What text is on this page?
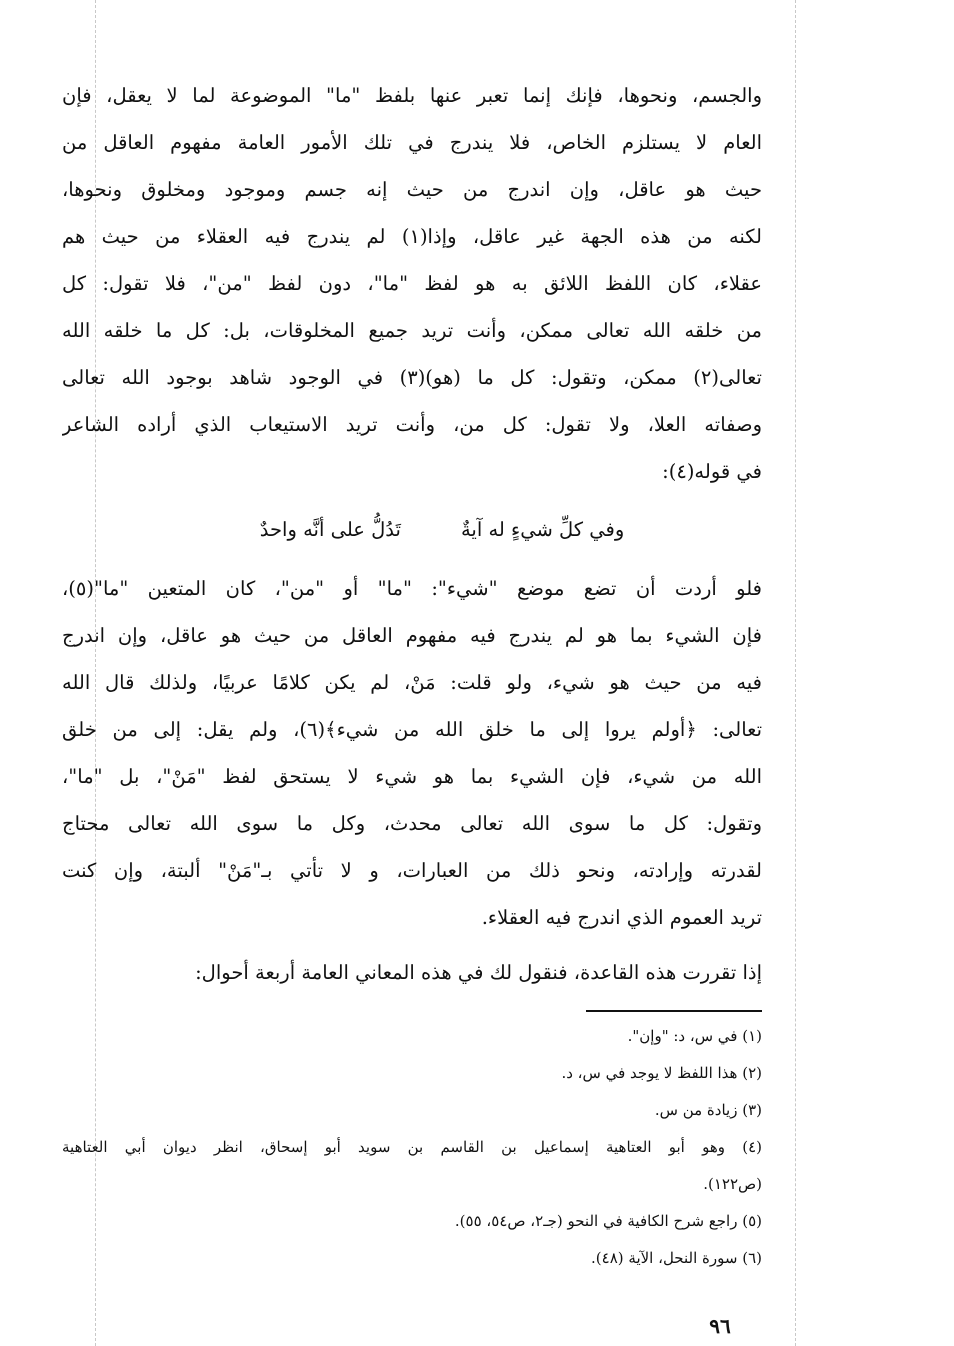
والجسم، ونحوها، فإنك إنما تعبر عنها بلفظ "ما" الموضوعة لما لا يعقل، فإن
العام لا يستلزم الخاص، فلا يندرج في تلك الأمور العامة مفهوم العاقل من
حيث هو عاقل، وإن اندرج من حيث إنه جسم وموجود ومخلوق ونحوها،
لكنه من هذه الجهة غير عاقل، وإذا(١) لم يندرج فيه العقلاء من حيث هم
عقلاء، كان اللفظ اللائق به هو لفظ "ما"، دون لفظ "من"، فلا تقول: كل
من خلقه الله تعالى ممكن، وأنت تريد جميع المخلوقات، بل: كل ما خلقه الله
تعالى(٢) ممكن، وتقول: كل ما (هو)(٣) في الوجود شاهد بوجود الله تعالى
وصفاته العلا، ولا تقول: كل من، وأنت تريد الاستيعاب الذي أراده الشاعر
في قوله(٤):
وفي كلِّ شيءٍ له آيةٌ
تَدُلُّ على أنَّه واحدٌ
فلو أردت أن تضع موضع "شيء": "ما" أو "من"، كان المتعين "ما"(٥)،
فإن الشيء بما هو لم يندرج فيه مفهوم العاقل من حيث هو عاقل، وإن اندرج
فيه من حيث هو شيء، ولو قلت: مَنْ، لم يكن كلامًا عربيًا، ولذلك قال الله
تعالى: ﴿أولم يروا إلى ما خلق الله من شيء﴾(٦)، ولم يقل: إلى من خلق
الله من شيء، فإن الشيء بما هو شيء لا يستحق لفظ "مَنْ"، بل "ما"،
وتقول: كل ما سوى الله تعالى محدث، وكل ما سوى الله تعالى محتاج
لقدرته وإرادته، ونحو ذلك من العبارات، و لا تأتي بـ"مَنْ" ألبتة، وإن كنت
تريد العموم الذي اندرج فيه العقلاء.
إذا تقررت هذه القاعدة، فنقول لك في هذه المعاني العامة أربعة أحوال:
(١) في س، د: "وإن".
(٢) هذا اللفظ لا يوجد في س، د.
(٣) زيادة من س.
(٤) وهو أبو العتاهية إسماعيل بن القاسم بن سويد أبو إسحاق، انظر ديوان أبي العتاهية
(ص١٢٢).
(٥) راجع شرح الكافية في النحو (جـ٢، ص٥٤، ٥٥).
(٦) سورة النحل، الآية (٤٨).
٩٦
